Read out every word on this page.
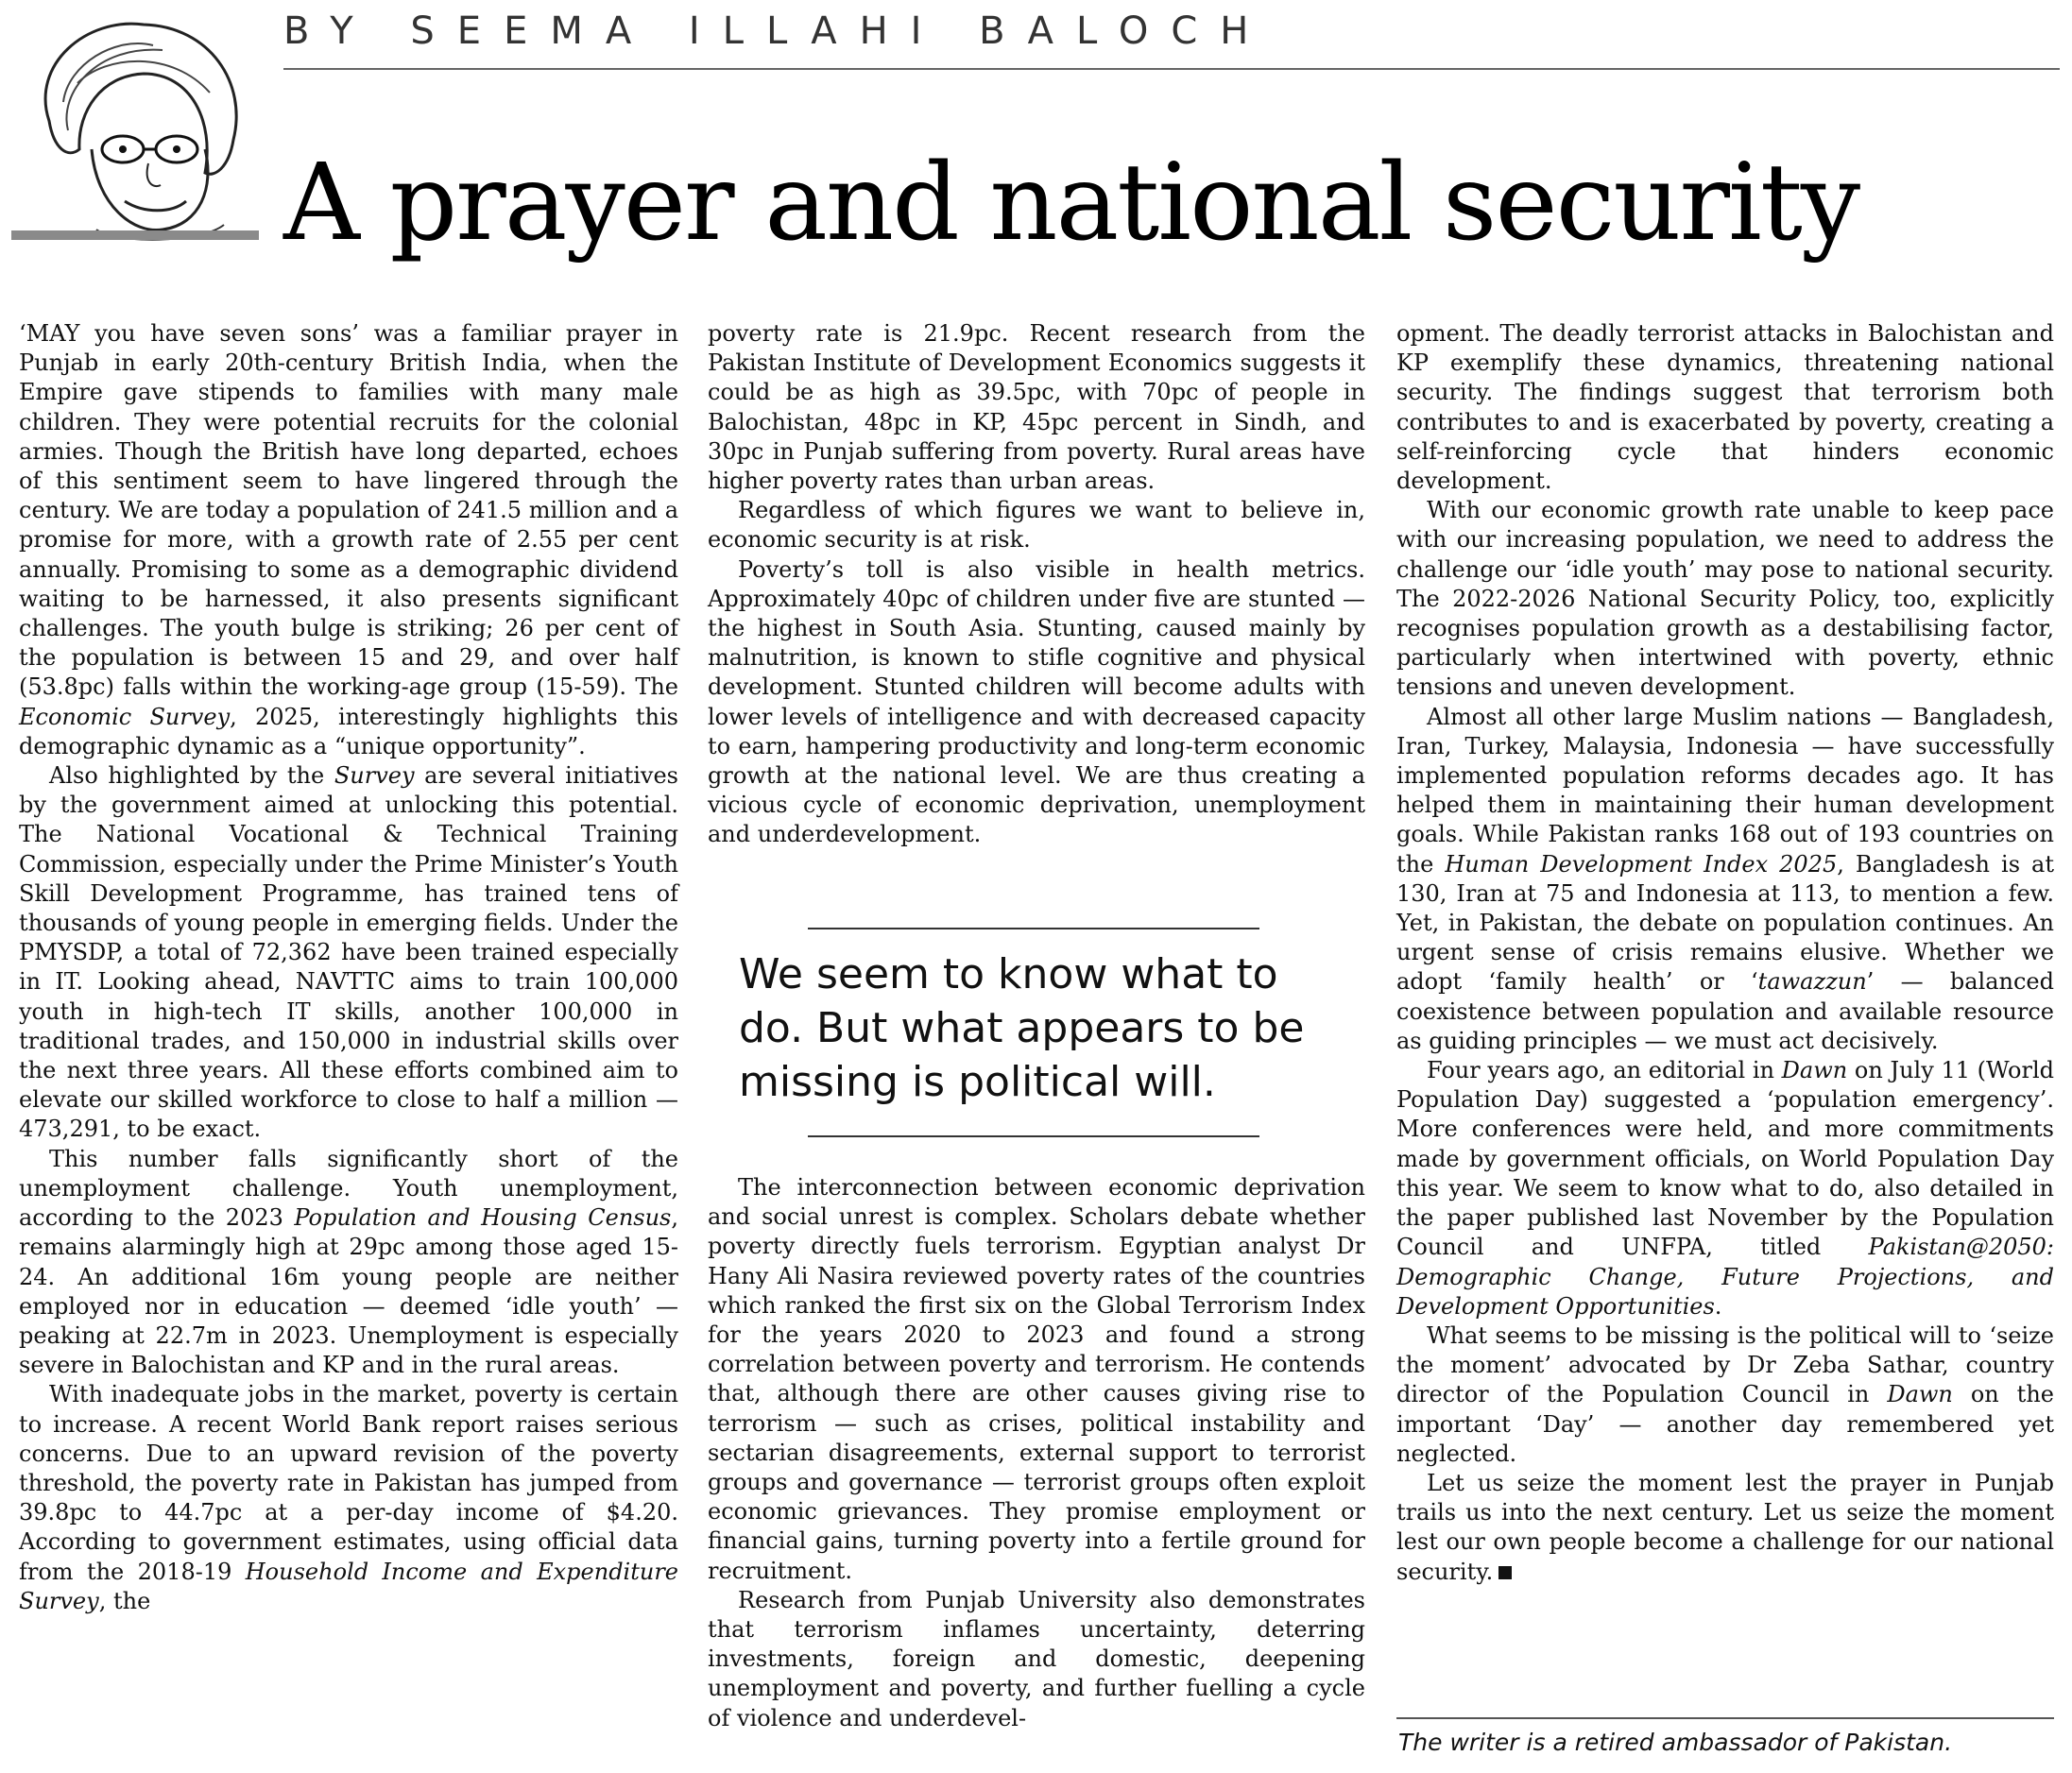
BY SEEMA ILLAHI BALOCH
A prayer and national security

‘MAY you have seven sons’ was a familiar prayer in Punjab in early 20th-century British India, when the Empire gave stipends to families with many male children. They were potential recruits for the colonial armies. Though the British have long departed, echoes of this sentiment seem to have lingered through the century. We are today a population of 241.5 million and a promise for more, with a growth rate of 2.55 per cent annually. Promising to some as a demographic dividend waiting to be harnessed, it also presents significant challenges. The youth bulge is striking; 26 per cent of the population is between 15 and 29, and over half (53.8pc) falls within the working-age group (15-59). The Economic Survey, 2025, interestingly highlights this demographic dynamic as a “unique opportunity”.

Also highlighted by the Survey are several initiatives by the government aimed at unlocking this potential. The National Vocational & Technical Training Commission, especially under the Prime Minister’s Youth Skill Development Programme, has trained tens of thousands of young people in emerging fields. Under the PMYSDP, a total of 72,362 have been trained especially in IT. Looking ahead, NAVTTC aims to train 100,000 youth in high-tech IT skills, another 100,000 in traditional trades, and 150,000 in industrial skills over the next three years. All these efforts combined aim to elevate our skilled workforce to close to half a million — 473,291, to be exact.

This number falls significantly short of the unemployment challenge. Youth unemployment, according to the 2023 Population and Housing Census, remains alarmingly high at 29pc among those aged 15-24. An additional 16m young people are neither employed nor in education — deemed ‘idle youth’ — peaking at 22.7m in 2023. Unemployment is especially severe in Balochistan and KP and in the rural areas.

With inadequate jobs in the market, poverty is certain to increase. A recent World Bank report raises serious concerns. Due to an upward revision of the poverty threshold, the poverty rate in Pakistan has jumped from 39.8pc to 44.7pc at a per-day income of $4.20. According to government estimates, using official data from the 2018-19 Household Income and Expenditure Survey, the

poverty rate is 21.9pc. Recent research from the Pakistan Institute of Development Economics suggests it could be as high as 39.5pc, with 70pc of people in Balochistan, 48pc in KP, 45pc percent in Sindh, and 30pc in Punjab suffering from poverty. Rural areas have higher poverty rates than urban areas.

Regardless of which figures we want to believe in, economic security is at risk.

Poverty’s toll is also visible in health metrics. Approximately 40pc of children under five are stunted — the highest in South Asia. Stunting, caused mainly by malnutrition, is known to stifle cognitive and physical development. Stunted children will become adults with lower levels of intelligence and with decreased capacity to earn, hampering productivity and long-term economic growth at the national level. We are thus creating a vicious cycle of economic deprivation, unemployment and underdevelopment.

We seem to know what to do. But what appears to be missing is political will.

The interconnection between economic deprivation and social unrest is complex. Scholars debate whether poverty directly fuels terrorism. Egyptian analyst Dr Hany Ali Nasira reviewed poverty rates of the countries which ranked the first six on the Global Terrorism Index for the years 2020 to 2023 and found a strong correlation between poverty and terrorism. He contends that, although there are other causes giving rise to terrorism — such as crises, political instability and sectarian disagreements, external support to terrorist groups and governance — terrorist groups often exploit economic grievances. They promise employment or financial gains, turning poverty into a fertile ground for recruitment.

Research from Punjab University also demonstrates that terrorism inflames uncertainty, deterring investments, foreign and domestic, deepening unemployment and poverty, and further fuelling a cycle of violence and underdevel-

opment. The deadly terrorist attacks in Balochistan and KP exemplify these dynamics, threatening national security. The findings suggest that terrorism both contributes to and is exacerbated by poverty, creating a self-reinforcing cycle that hinders economic development.

With our economic growth rate unable to keep pace with our increasing population, we need to address the challenge our ‘idle youth’ may pose to national security. The 2022-2026 National Security Policy, too, explicitly recognises population growth as a destabilising factor, particularly when intertwined with poverty, ethnic tensions and uneven development.

Almost all other large Muslim nations — Bangladesh, Iran, Turkey, Malaysia, Indonesia — have successfully implemented population reforms decades ago. It has helped them in maintaining their human development goals. While Pakistan ranks 168 out of 193 countries on the Human Development Index 2025, Bangladesh is at 130, Iran at 75 and Indonesia at 113, to mention a few. Yet, in Pakistan, the debate on population continues. An urgent sense of crisis remains elusive. Whether we adopt ‘family health’ or ‘tawazzun’ — balanced coexistence between population and available resource as guiding principles — we must act decisively.

Four years ago, an editorial in Dawn on July 11 (World Population Day) suggested a ‘population emergency’. More conferences were held, and more commitments made by government officials, on World Population Day this year. We seem to know what to do, also detailed in the paper published last November by the Population Council and UNFPA, titled Pakistan@2050: Demographic Change, Future Projections, and Development Opportunities.

What seems to be missing is the political will to ‘seize the moment’ advocated by Dr Zeba Sathar, country director of the Population Council in Dawn on the important ‘Day’ — another day remembered yet neglected.

Let us seize the moment lest the prayer in Punjab trails us into the next century. Let us seize the moment lest our own people become a challenge for our national security.

The writer is a retired ambassador of Pakistan.
